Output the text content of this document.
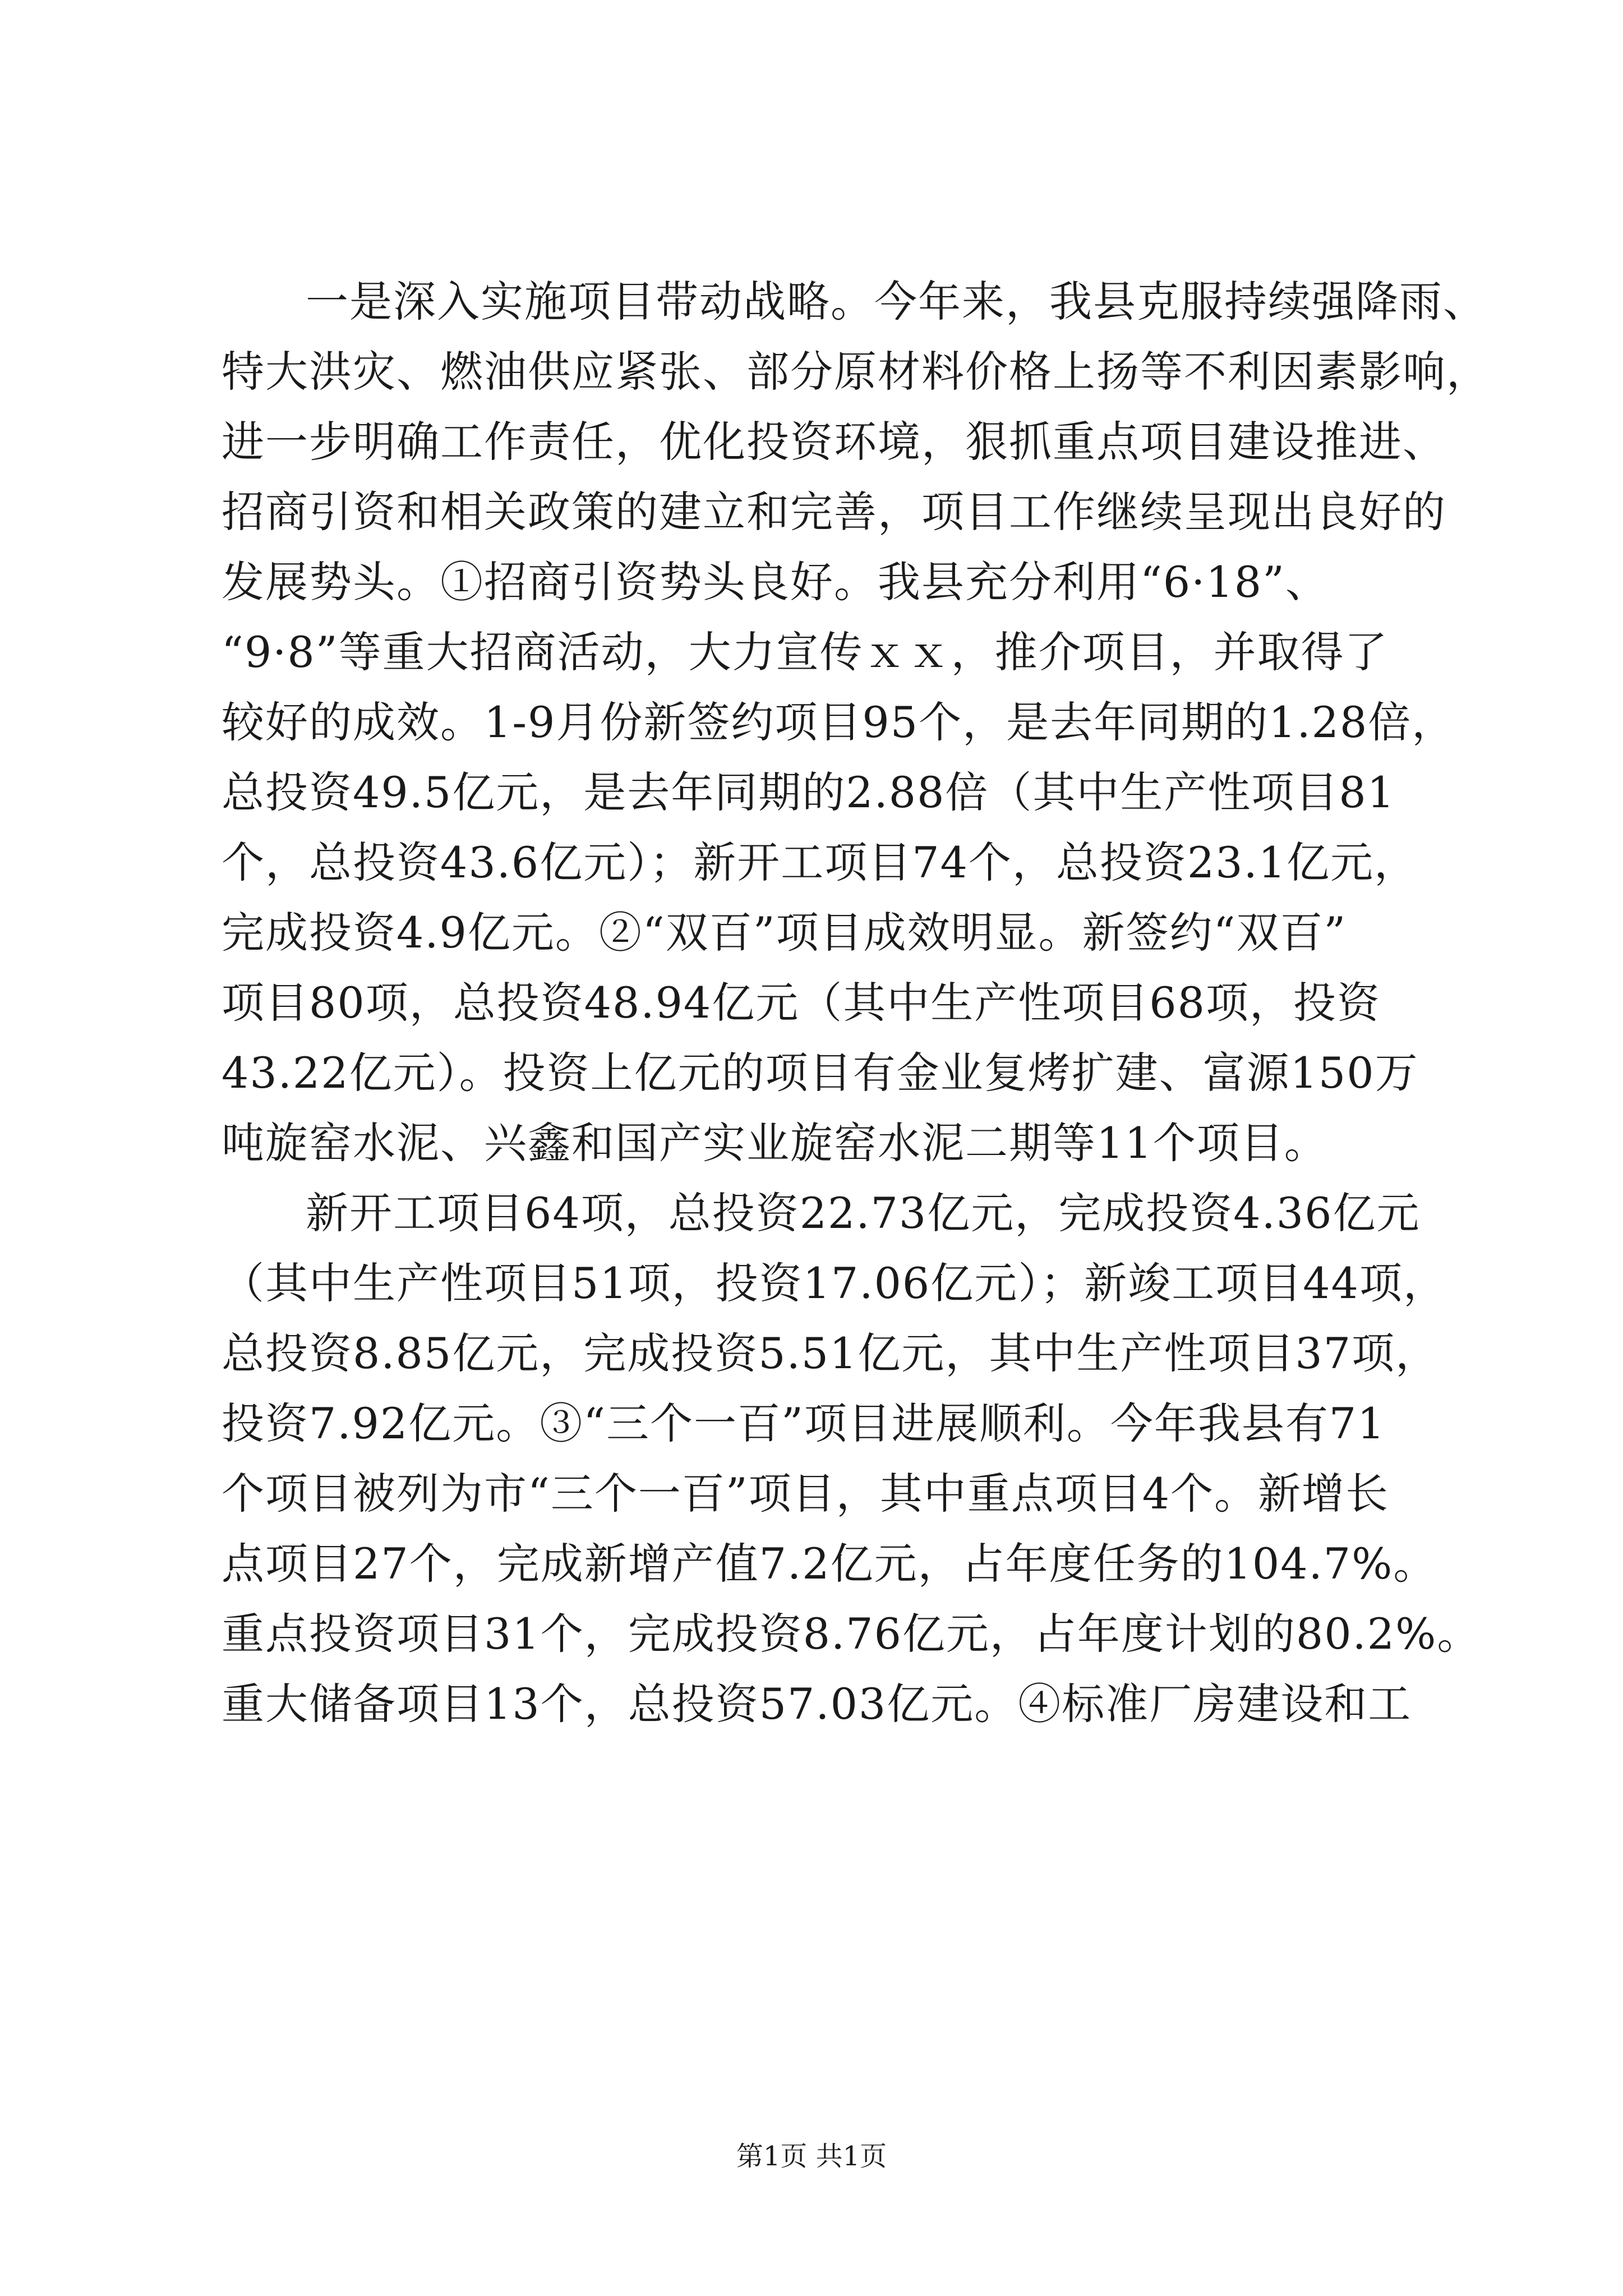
一是深入实施项目带动战略。今年来，我县克服持续强降雨、
特大洪灾、燃油供应紧张、部分原材料价格上扬等不利因素影响，
进一步明确工作责任，优化投资环境，狠抓重点项目建设推进、
招商引资和相关政策的建立和完善，项目工作继续呈现出良好的
发展势头。①招商引资势头良好。我县充分利用“6·18”、
“9·8”等重大招商活动，大力宣传ｘｘ，推介项目，并取得了
较好的成效。1-9月份新签约项目95个，是去年同期的1.28倍，
总投资49.5亿元，是去年同期的2.88倍（其中生产性项目81
个，总投资43.6亿元）；新开工项目74个，总投资23.1亿元，
完成投资4.9亿元。②“双百”项目成效明显。新签约“双百”
项目80项，总投资48.94亿元（其中生产性项目68项，投资
43.22亿元）。投资上亿元的项目有金业复烤扩建、富源150万
吨旋窑水泥、兴鑫和国产实业旋窑水泥二期等11个项目。
新开工项目64项，总投资22.73亿元，完成投资4.36亿元
（其中生产性项目51项，投资17.06亿元）；新竣工项目44项，
总投资8.85亿元，完成投资5.51亿元，其中生产性项目37项，
投资7.92亿元。③“三个一百”项目进展顺利。今年我县有71
个项目被列为市“三个一百”项目，其中重点项目4个。新增长
点项目27个，完成新增产值7.2亿元，占年度任务的104.7%。
重点投资项目31个，完成投资8.76亿元，占年度计划的80.2%。
重大储备项目13个，总投资57.03亿元。④标准厂房建设和工
第1页 共1页
